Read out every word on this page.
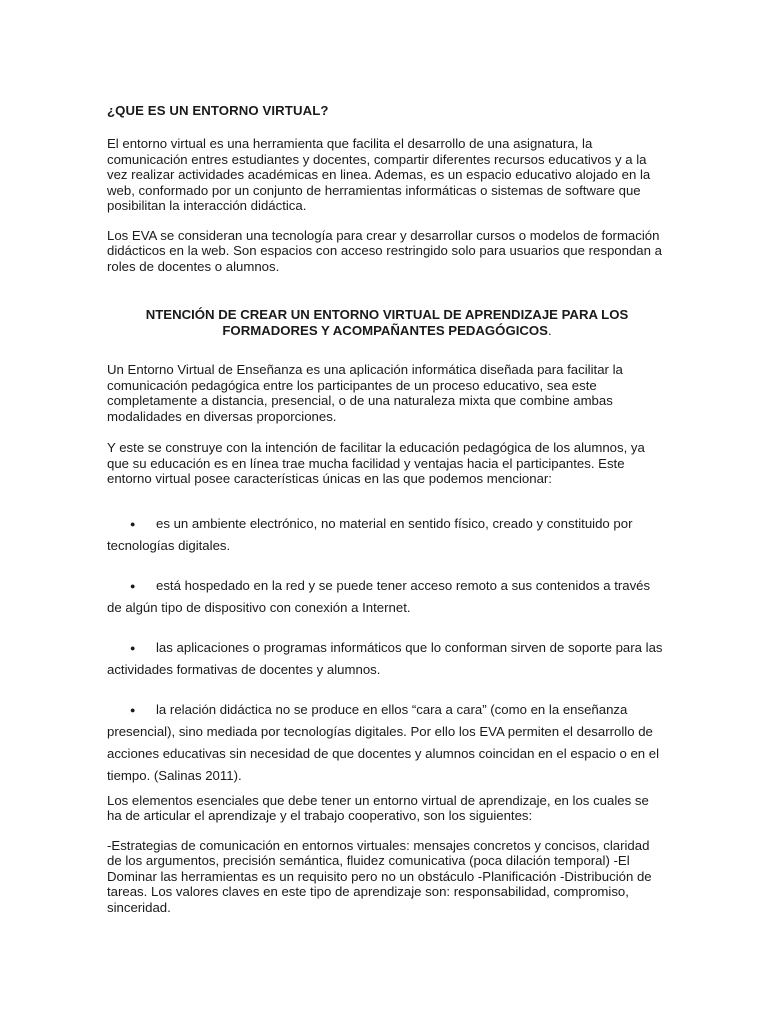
¿QUE ES UN ENTORNO VIRTUAL?

El entorno virtual es una herramienta que facilita el desarrollo de una asignatura, la comunicación entres estudiantes y docentes, compartir diferentes recursos educativos y a la vez realizar actividades académicas en linea. Ademas, es un espacio educativo alojado en la web, conformado por un conjunto de herramientas informáticas o sistemas de software que posibilitan la interacción didáctica.

Los EVA se consideran una tecnología para crear y desarrollar cursos o modelos de formación didácticos en la web. Son espacios con acceso restringido solo para usuarios que respondan a roles de docentes o alumnos.

NTENCIÓN DE CREAR UN ENTORNO VIRTUAL DE APRENDIZAJE PARA LOS FORMADORES Y ACOMPAÑANTES PEDAGÓGICOS.

Un Entorno Virtual de Enseñanza es una aplicación informática diseñada para facilitar la comunicación pedagógica entre los participantes de un proceso educativo, sea este completamente a distancia, presencial, o de una naturaleza mixta que combine ambas modalidades en diversas proporciones.

Y este se construye con la intención de facilitar la educación pedagógica de los alumnos, ya que su educación es en línea trae mucha facilidad y ventajas hacia el participantes. Este entorno virtual posee características únicas en las que podemos mencionar:

● es un ambiente electrónico, no material en sentido físico, creado y constituido por tecnologías digitales.
● está hospedado en la red y se puede tener acceso remoto a sus contenidos a través de algún tipo de dispositivo con conexión a Internet.
● las aplicaciones o programas informáticos que lo conforman sirven de soporte para las actividades formativas de docentes y alumnos.
● la relación didáctica no se produce en ellos “cara a cara” (como en la enseñanza presencial), sino mediada por tecnologías digitales. Por ello los EVA permiten el desarrollo de acciones educativas sin necesidad de que docentes y alumnos coincidan en el espacio o en el tiempo. (Salinas 2011).

Los elementos esenciales que debe tener un entorno virtual de aprendizaje, en los cuales se ha de articular el aprendizaje y el trabajo cooperativo, son los siguientes:

-Estrategias de comunicación en entornos virtuales: mensajes concretos y concisos, claridad de los argumentos, precisión semántica, fluidez comunicativa (poca dilación temporal) -El Dominar las herramientas es un requisito pero no un obstáculo -Planificación -Distribución de tareas. Los valores claves en este tipo de aprendizaje son: responsabilidad, compromiso, sinceridad.
